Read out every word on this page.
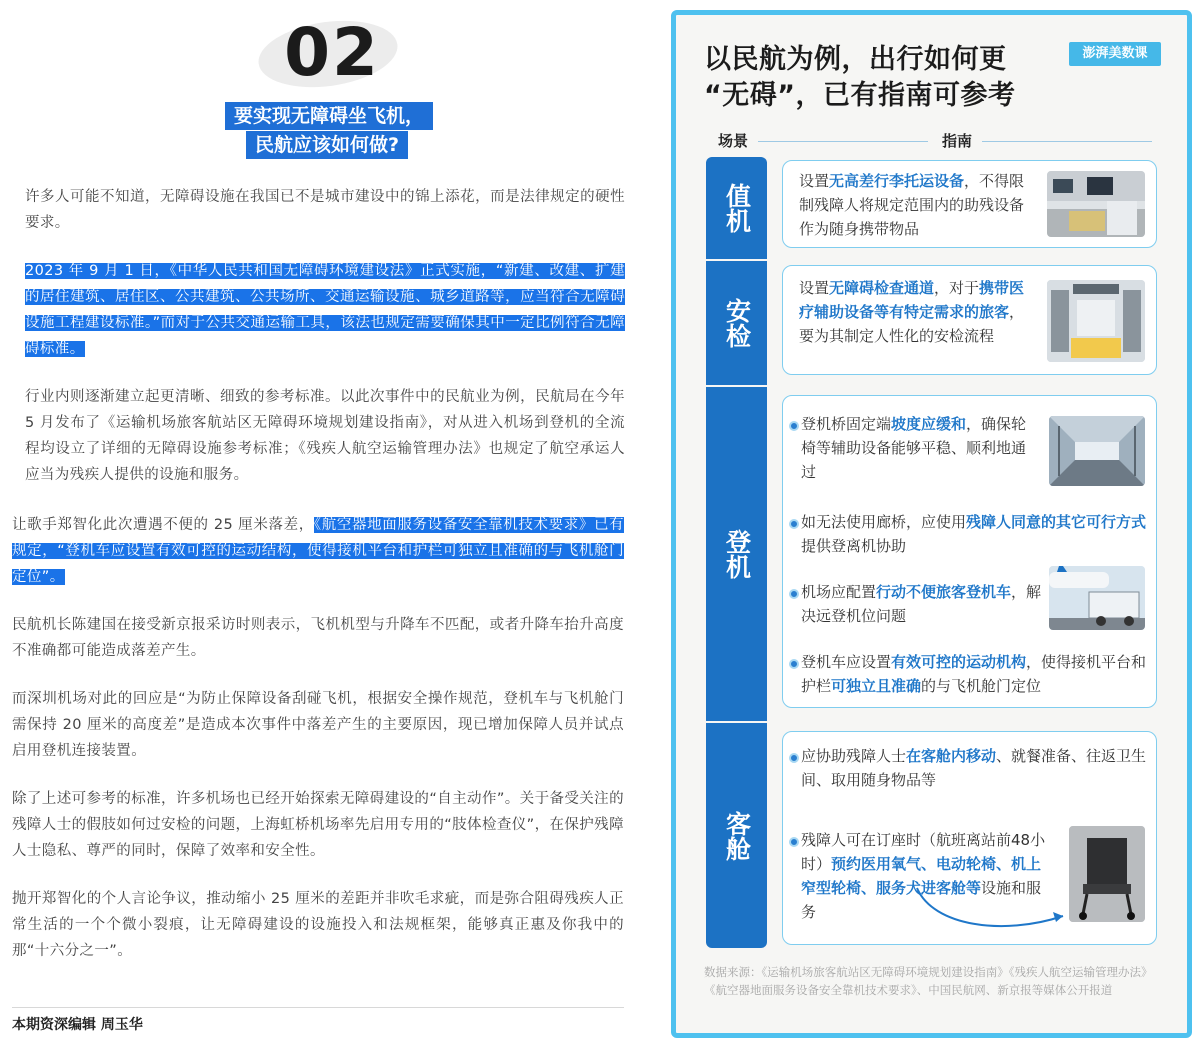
02
要实现无障碍坐飞机，
民航应该如何做?

许多人可能不知道，无障碍设施在我国已不是城市建设中的锦上添花，而是法律规定的硬性要求。

2023 年 9 月 1 日，《中华人民共和国无障碍环境建设法》正式实施，“新建、改建、扩建的居住建筑、居住区、公共建筑、公共场所、交通运输设施、城乡道路等，应当符合无障碍设施工程建设标准。”而对于公共交通运输工具，该法也规定需要确保其中一定比例符合无障碍标准。

行业内则逐渐建立起更清晰、细致的参考标准。以此次事件中的民航业为例，民航局在今年 5 月发布了《运输机场旅客航站区无障碍环境规划建设指南》，对从进入机场到登机的全流程均设立了详细的无障碍设施参考标准；《残疾人航空运输管理办法》也规定了航空承运人应当为残疾人提供的设施和服务。

让歌手郑智化此次遭遇不便的 25 厘米落差，《航空器地面服务设备安全靠机技术要求》已有规定，“登机车应设置有效可控的运动结构，使得接机平台和护栏可独立且准确的与飞机舱门定位”。

民航机长陈建国在接受新京报采访时则表示，飞机机型与升降车不匹配，或者升降车抬升高度不准确都可能造成落差产生。

而深圳机场对此的回应是“为防止保障设备刮碰飞机，根据安全操作规范，登机车与飞机舱门需保持 20 厘米的高度差”是造成本次事件中落差产生的主要原因，现已增加保障人员并试点启用登机连接装置。

除了上述可参考的标准，许多机场也已经开始探索无障碍建设的“自主动作”。关于备受关注的残障人士的假肢如何过安检的问题，上海虹桥机场率先启用专用的“肢体检查仪”，在保护残障人士隐私、尊严的同时，保障了效率和安全性。

抛开郑智化的个人言论争议，推动缩小 25 厘米的差距并非吹毛求疵，而是弥合阻碍残疾人正常生活的一个个微小裂痕，让无障碍建设的设施投入和法规框架，能够真正惠及你我中的那“十六分之一”。

本期资深编辑 周玉华
以民航为例，出行如何更
“无碍”，已有指南可参考
澎湃美数课
场景	指南
值机
安检
登机
客舱

设置无高差行李托运设备，不得限制残障人将规定范围内的助残设备作为随身携带物品

设置无障碍检查通道，对于携带医疗辅助设备等有特定需求的旅客，要为其制定人性化的安检流程

登机桥固定端坡度应缓和，确保轮椅等辅助设备能够平稳、顺利地通过

如无法使用廊桥，应使用残障人同意的其它可行方式提供登离机协助

机场应配置行动不便旅客登机车，解决远登机位问题

登机车应设置有效可控的运动机构，使得接机平台和护栏可独立且准确的与飞机舱门定位

应协助残障人士在客舱内移动、就餐准备、往返卫生间、取用随身物品等

残障人可在订座时（航班离站前48小时）预约医用氧气、电动轮椅、机上窄型轮椅、服务犬进客舱等设施和服务

数据来源：《运输机场旅客航站区无障碍环境规划建设指南》《残疾人航空运输管理办法》《航空器地面服务设备安全靠机技术要求》、中国民航网、新京报等媒体公开报道
